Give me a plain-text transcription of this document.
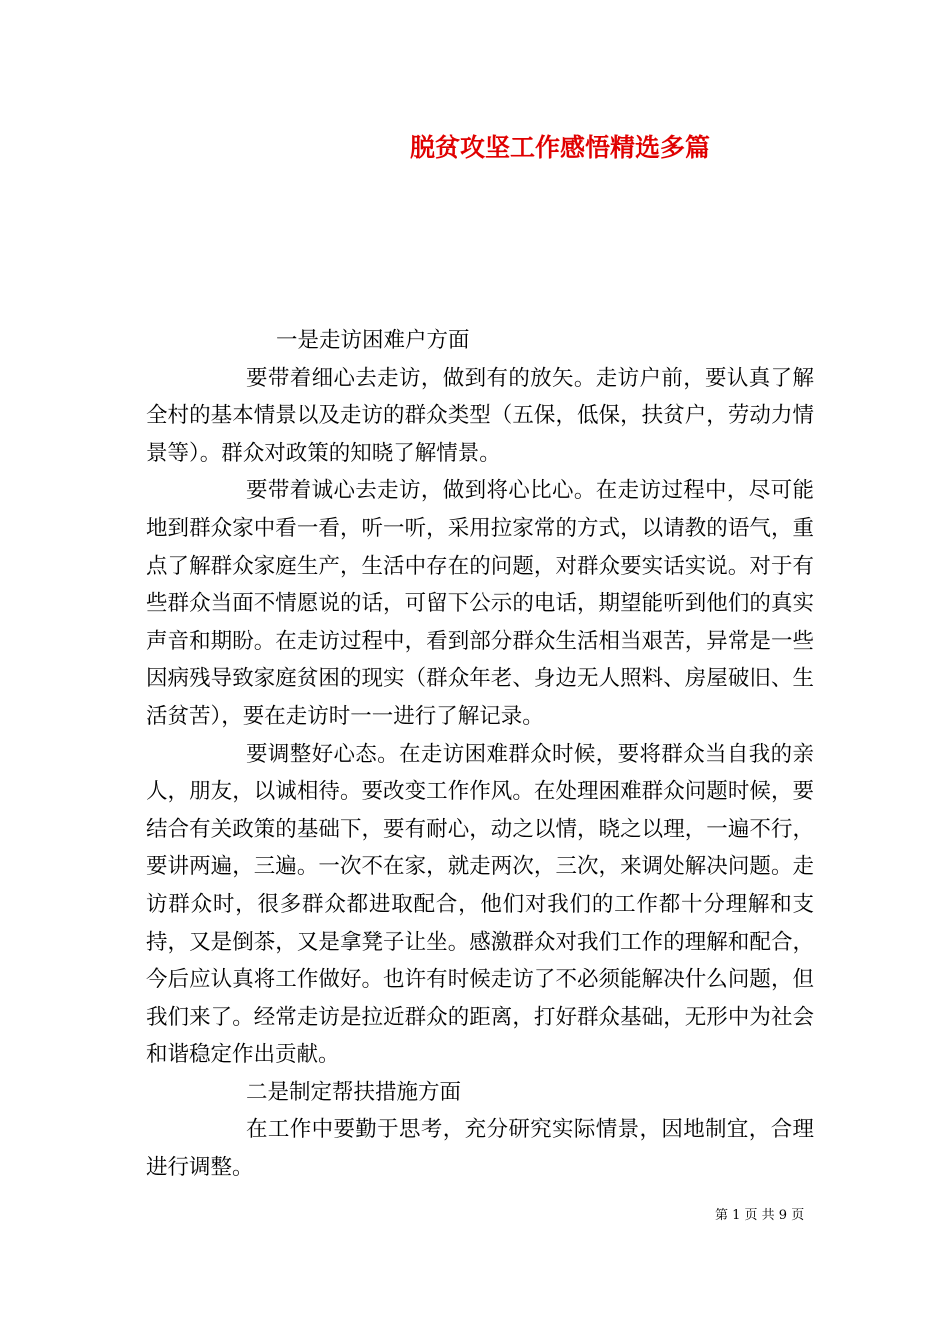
脱贫攻坚工作感悟精选多篇

一是走访困难户方面

要带着细心去走访，做到有的放矢。走访户前，要认真了解全村的基本情景以及走访的群众类型（五保，低保，扶贫户，劳动力情景等）。群众对政策的知晓了解情景。

要带着诚心去走访，做到将心比心。在走访过程中，尽可能地到群众家中看一看，听一听，采用拉家常的方式，以请教的语气，重点了解群众家庭生产，生活中存在的问题，对群众要实话实说。对于有些群众当面不情愿说的话，可留下公示的电话，期望能听到他们的真实声音和期盼。在走访过程中，看到部分群众生活相当艰苦，异常是一些因病残导致家庭贫困的现实（群众年老、身边无人照料、房屋破旧、生活贫苦），要在走访时一一进行了解记录。

要调整好心态。在走访困难群众时候，要将群众当自我的亲人，朋友，以诚相待。要改变工作作风。在处理困难群众问题时候，要结合有关政策的基础下，要有耐心，动之以情，晓之以理，一遍不行，要讲两遍，三遍。一次不在家，就走两次，三次，来调处解决问题。走访群众时，很多群众都进取配合，他们对我们的工作都十分理解和支持，又是倒茶，又是拿凳子让坐。感激群众对我们工作的理解和配合，今后应认真将工作做好。也许有时候走访了不必须能解决什么问题，但我们来了。经常走访是拉近群众的距离，打好群众基础，无形中为社会和谐稳定作出贡献。

二是制定帮扶措施方面

在工作中要勤于思考，充分研究实际情景，因地制宜，合理进行调整。

第 1 页 共 9 页
